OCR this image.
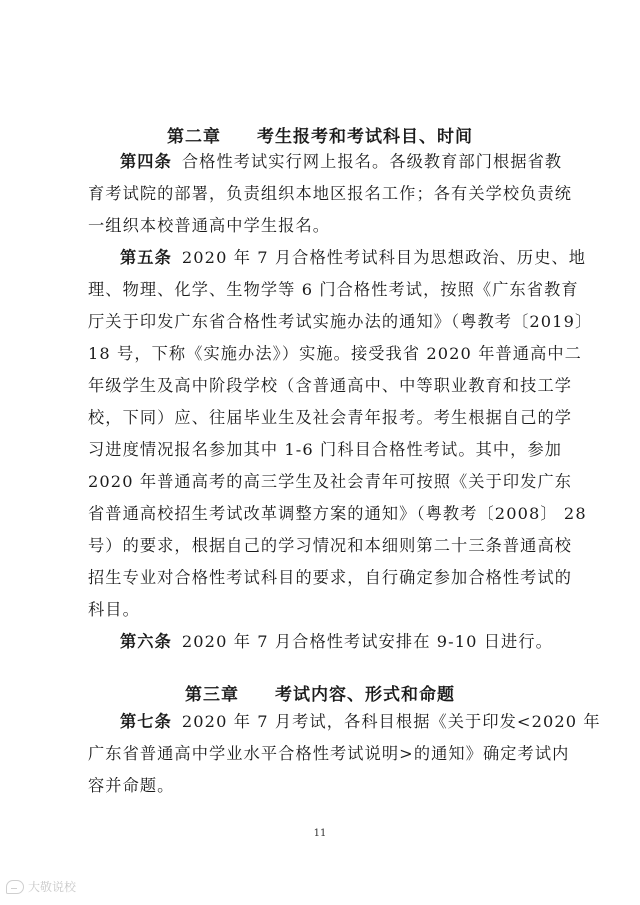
第二章　　考生报考和考试科目、时间
第四条 合格性考试实行网上报名。各级教育部门根据省教
育考试院的部署，负责组织本地区报名工作；各有关学校负责统
一组织本校普通高中学生报名。
第五条 2020 年 7 月合格性考试科目为思想政治、历史、地
理、物理、化学、生物学等 6 门合格性考试，按照《广东省教育
厅关于印发广东省合格性考试实施办法的通知》（粤教考〔2019〕
18 号，下称《实施办法》）实施。接受我省 2020 年普通高中二
年级学生及高中阶段学校（含普通高中、中等职业教育和技工学
校，下同）应、往届毕业生及社会青年报考。考生根据自己的学
习进度情况报名参加其中 1-6 门科目合格性考试。其中，参加
2020 年普通高考的高三学生及社会青年可按照《关于印发广东
省普通高校招生考试改革调整方案的通知》（粤教考〔2008〕 28
号）的要求，根据自己的学习情况和本细则第二十三条普通高校
招生专业对合格性考试科目的要求，自行确定参加合格性考试的
科目。
第六条 2020 年 7 月合格性考试安排在 9-10 日进行。
第三章　　考试内容、形式和命题
第七条 2020 年 7 月考试，各科目根据《关于印发<2020 年
广东省普通高中学业水平合格性考试说明>的通知》确定考试内
容并命题。
11
大敬说校
